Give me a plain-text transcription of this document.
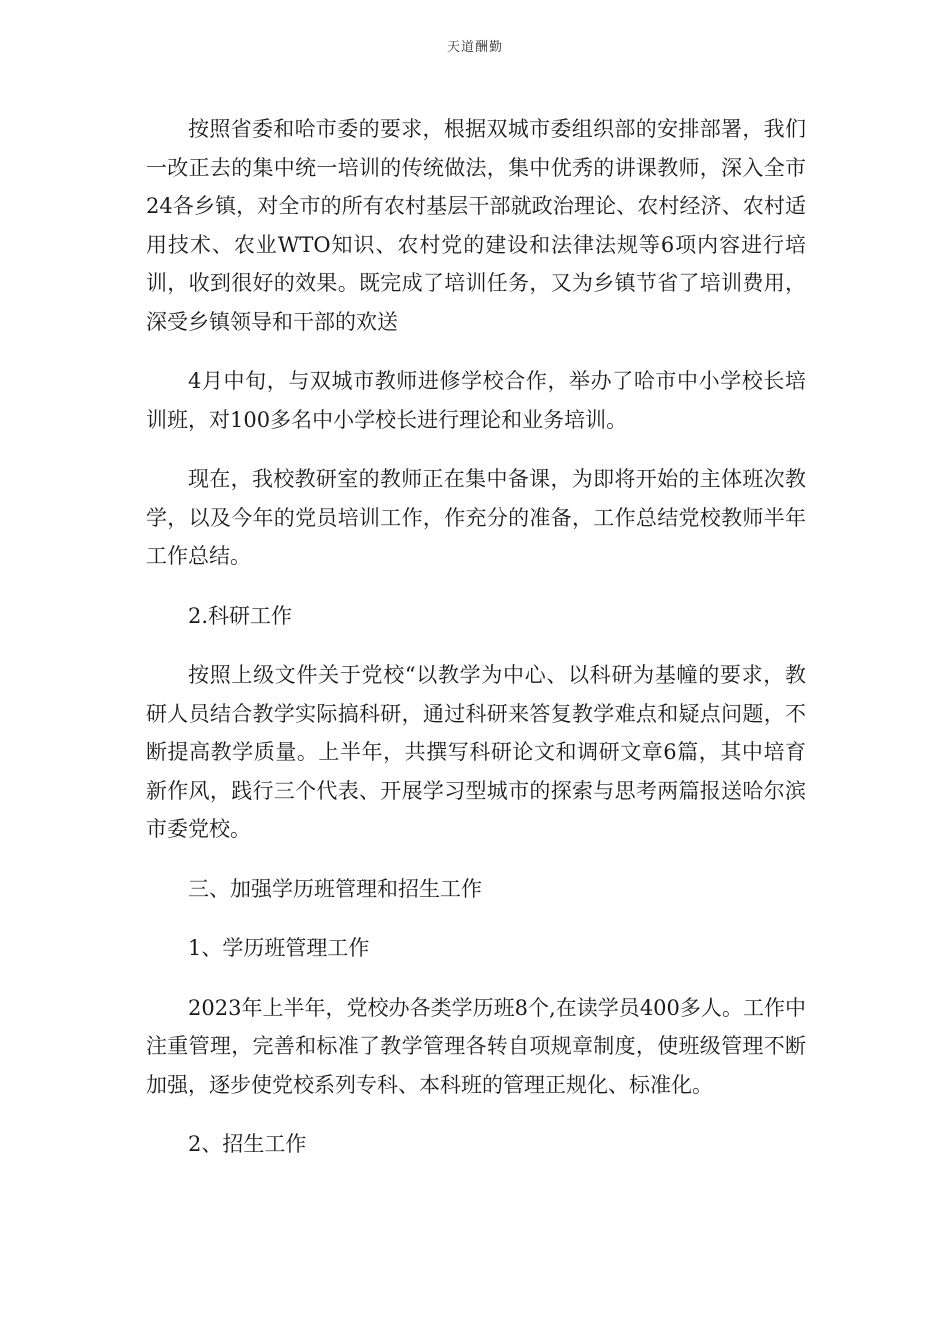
天道酬勤

按照省委和哈市委的要求，根据双城市委组织部的安排部署，我们一改正去的集中统一培训的传统做法，集中优秀的讲课教师，深入全市24各乡镇，对全市的所有农村基层干部就政治理论、农村经济、农村适用技术、农业WTO知识、农村党的建设和法律法规等6项内容进行培训，收到很好的效果。既完成了培训任务，又为乡镇节省了培训费用，深受乡镇领导和干部的欢送

4月中旬，与双城市教师进修学校合作，举办了哈市中小学校长培训班，对100多名中小学校长进行理论和业务培训。

现在，我校教研室的教师正在集中备课，为即将开始的主体班次教学，以及今年的党员培训工作，作充分的准备，工作总结党校教师半年工作总结。

2.科研工作

按照上级文件关于党校“以教学为中心、以科研为基幢的要求，教研人员结合教学实际搞科研，通过科研来答复教学难点和疑点问题，不断提高教学质量。上半年，共撰写科研论文和调研文章6篇，其中培育新作风，践行三个代表、开展学习型城市的探索与思考两篇报送哈尔滨市委党校。

三、加强学历班管理和招生工作

1、学历班管理工作

2023年上半年，党校办各类学历班8个,在读学员400多人。工作中注重管理，完善和标准了教学管理各转自项规章制度，使班级管理不断加强，逐步使党校系列专科、本科班的管理正规化、标准化。

2、招生工作
